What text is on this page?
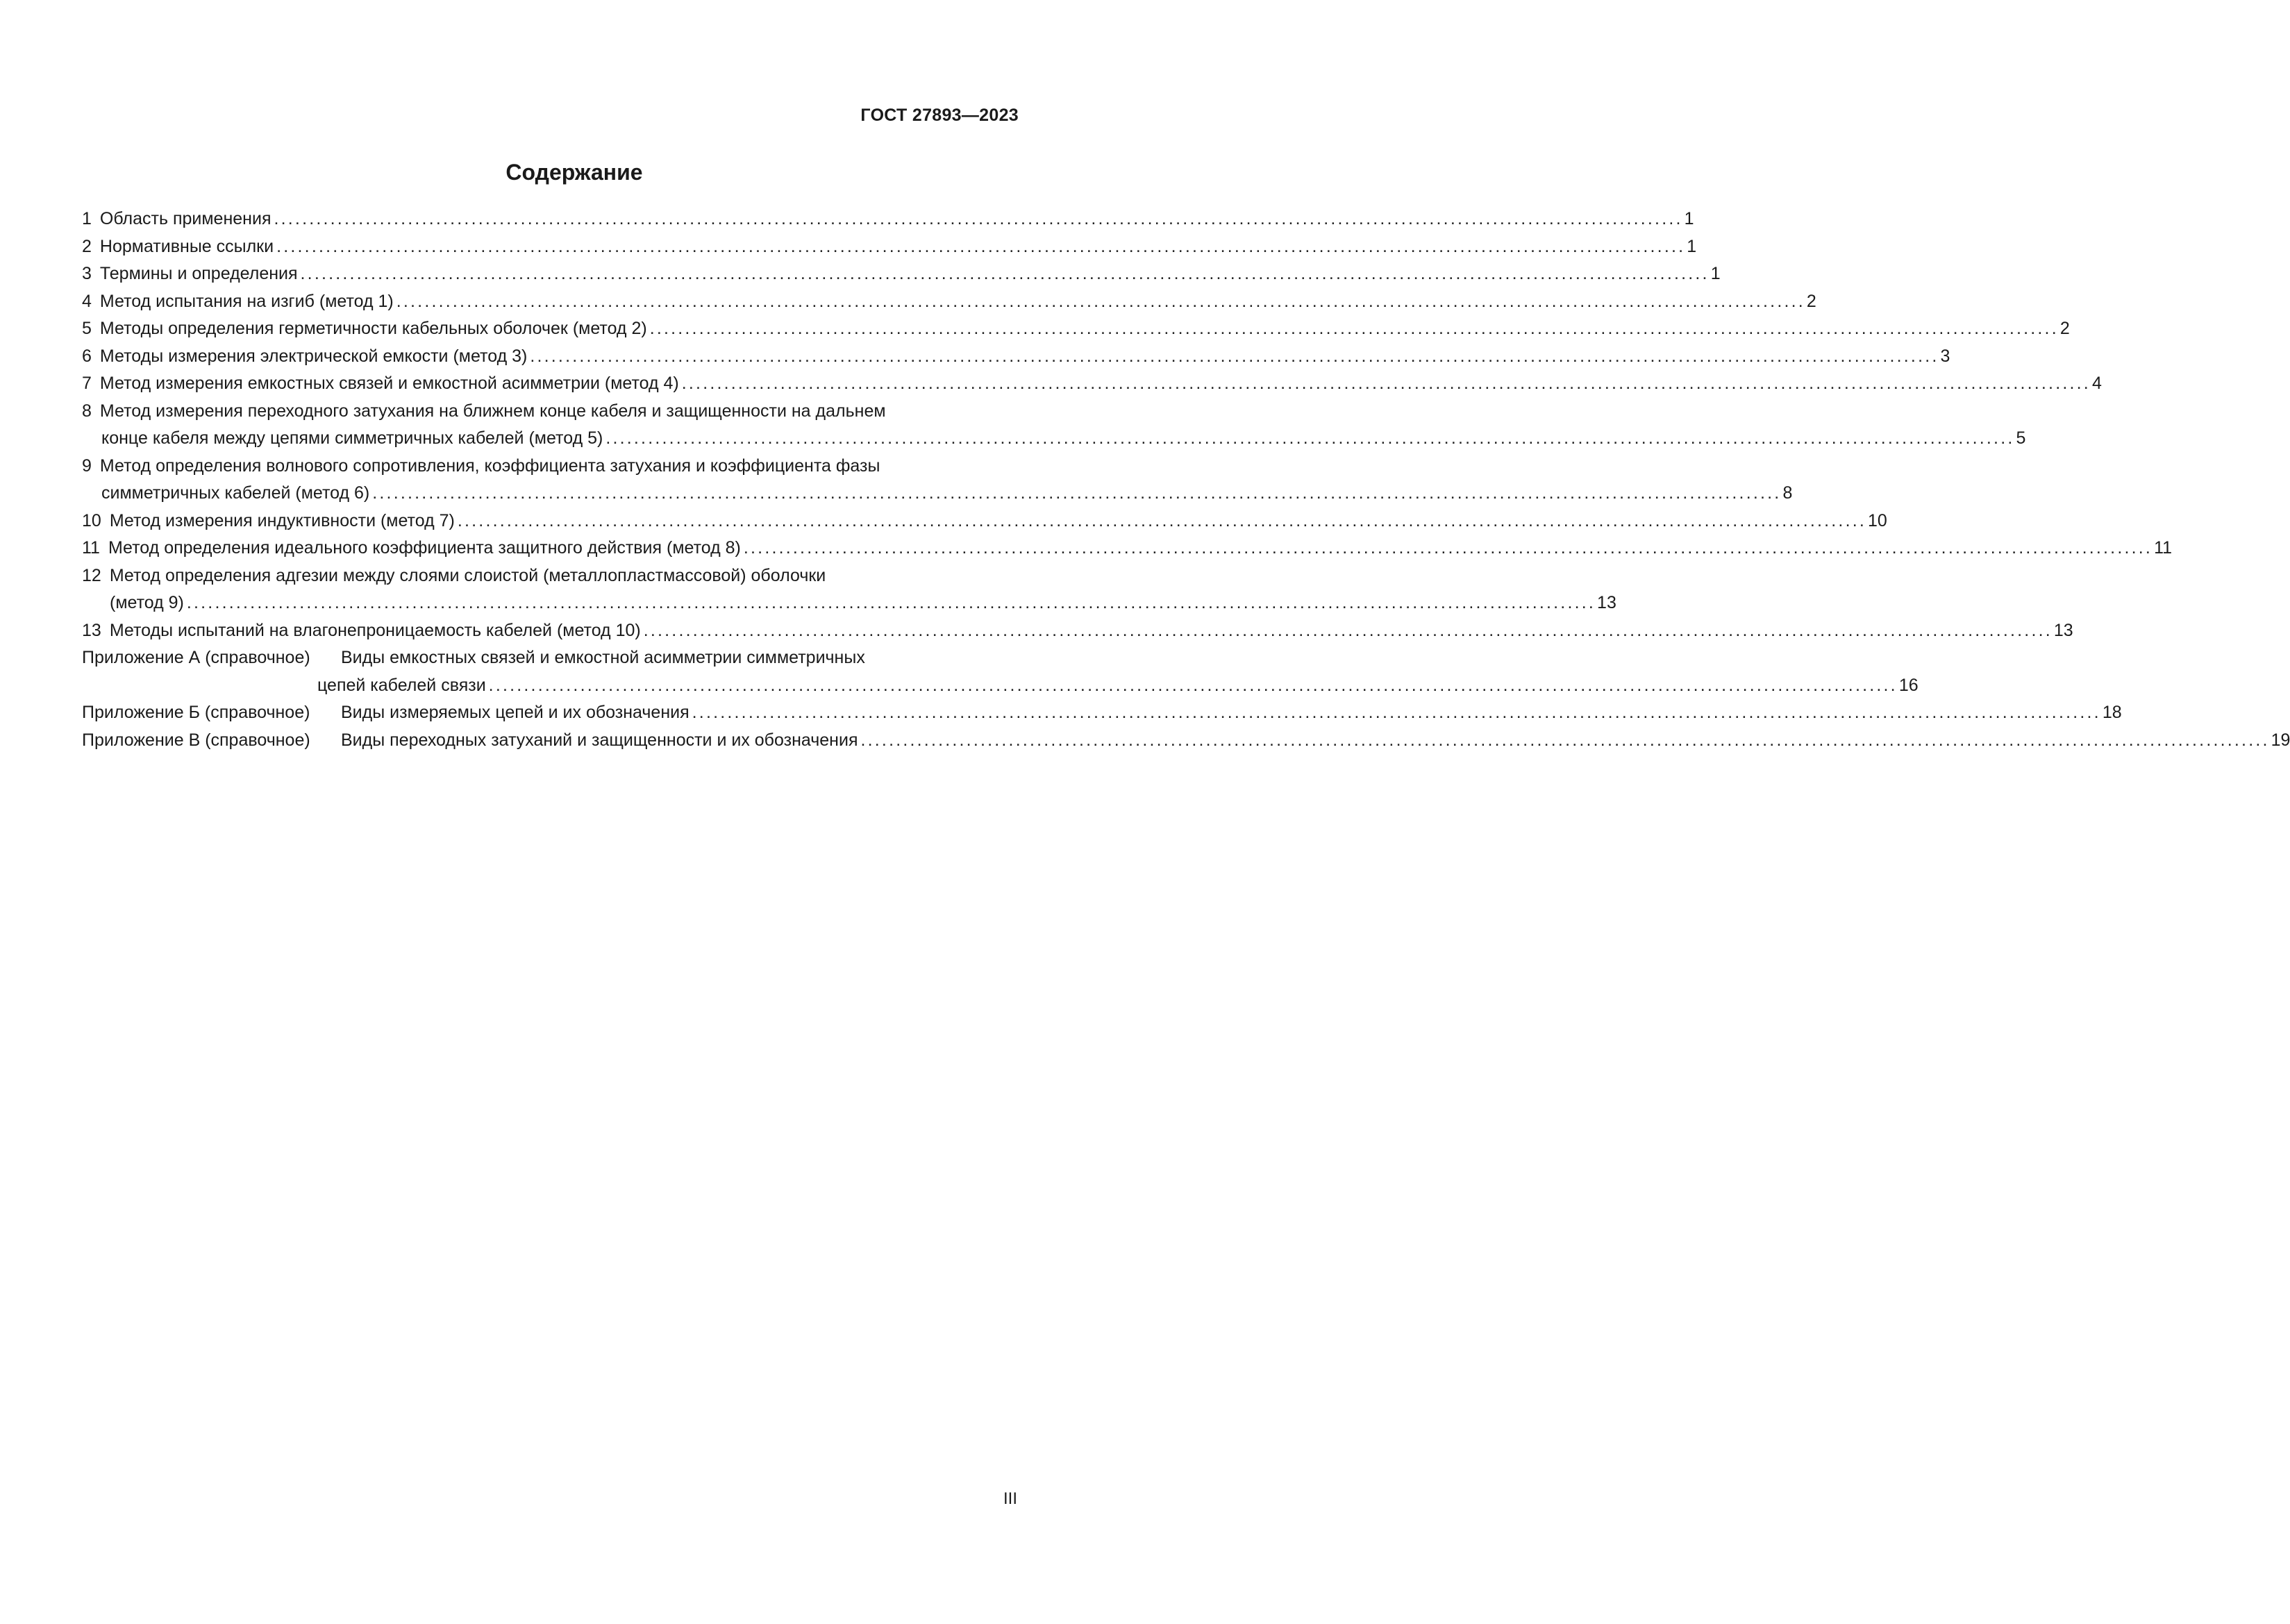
ГОСТ 27893—2023
Содержание
1 Область применения ........................................................................................................................................................................................................ 1
2 Нормативные ссылки ........................................................................................................................................................................................................ 1
3 Термины и определения ........................................................................................................................................................................................................ 1
4 Метод испытания на изгиб (метод 1) ........................................................................................................................................................................................................ 2
5 Методы определения герметичности кабельных оболочек (метод 2) ........................................................................................................................................................................................................ 2
6 Методы измерения электрической емкости (метод 3) ........................................................................................................................................................................................................ 3
7 Метод измерения емкостных связей и емкостной асимметрии (метод 4) ........................................................................................................................................................................................................ 4
8 Метод измерения переходного затухания на ближнем конце кабеля и защищенности на дальнем
конце кабеля между цепями симметричных кабелей (метод 5) ........................................................................................................................................................................................................ 5
9 Метод определения волнового сопротивления, коэффициента затухания и коэффициента фазы
симметричных кабелей (метод 6) ........................................................................................................................................................................................................ 8
10 Метод измерения индуктивности (метод 7) ........................................................................................................................................................................................................ 10
11 Метод определения идеального коэффициента защитного действия (метод 8) ........................................................................................................................................................................................................ 11
12 Метод определения адгезии между слоями слоистой (металлопластмассовой) оболочки
(метод 9) ........................................................................................................................................................................................................ 13
13 Методы испытаний на влагонепроницаемость кабелей (метод 10) ........................................................................................................................................................................................................ 13
Приложение А (справочное) Виды емкостных связей и емкостной асимметрии симметричных
цепей кабелей связи ........................................................................................................................................................................................................ 16
Приложение Б (справочное) Виды измеряемых цепей и их обозначения ........................................................................................................................................................................................................ 18
Приложение В (справочное) Виды переходных затуханий и защищенности и их обозначения ........................................................................................................................................................................................................ 19
III
